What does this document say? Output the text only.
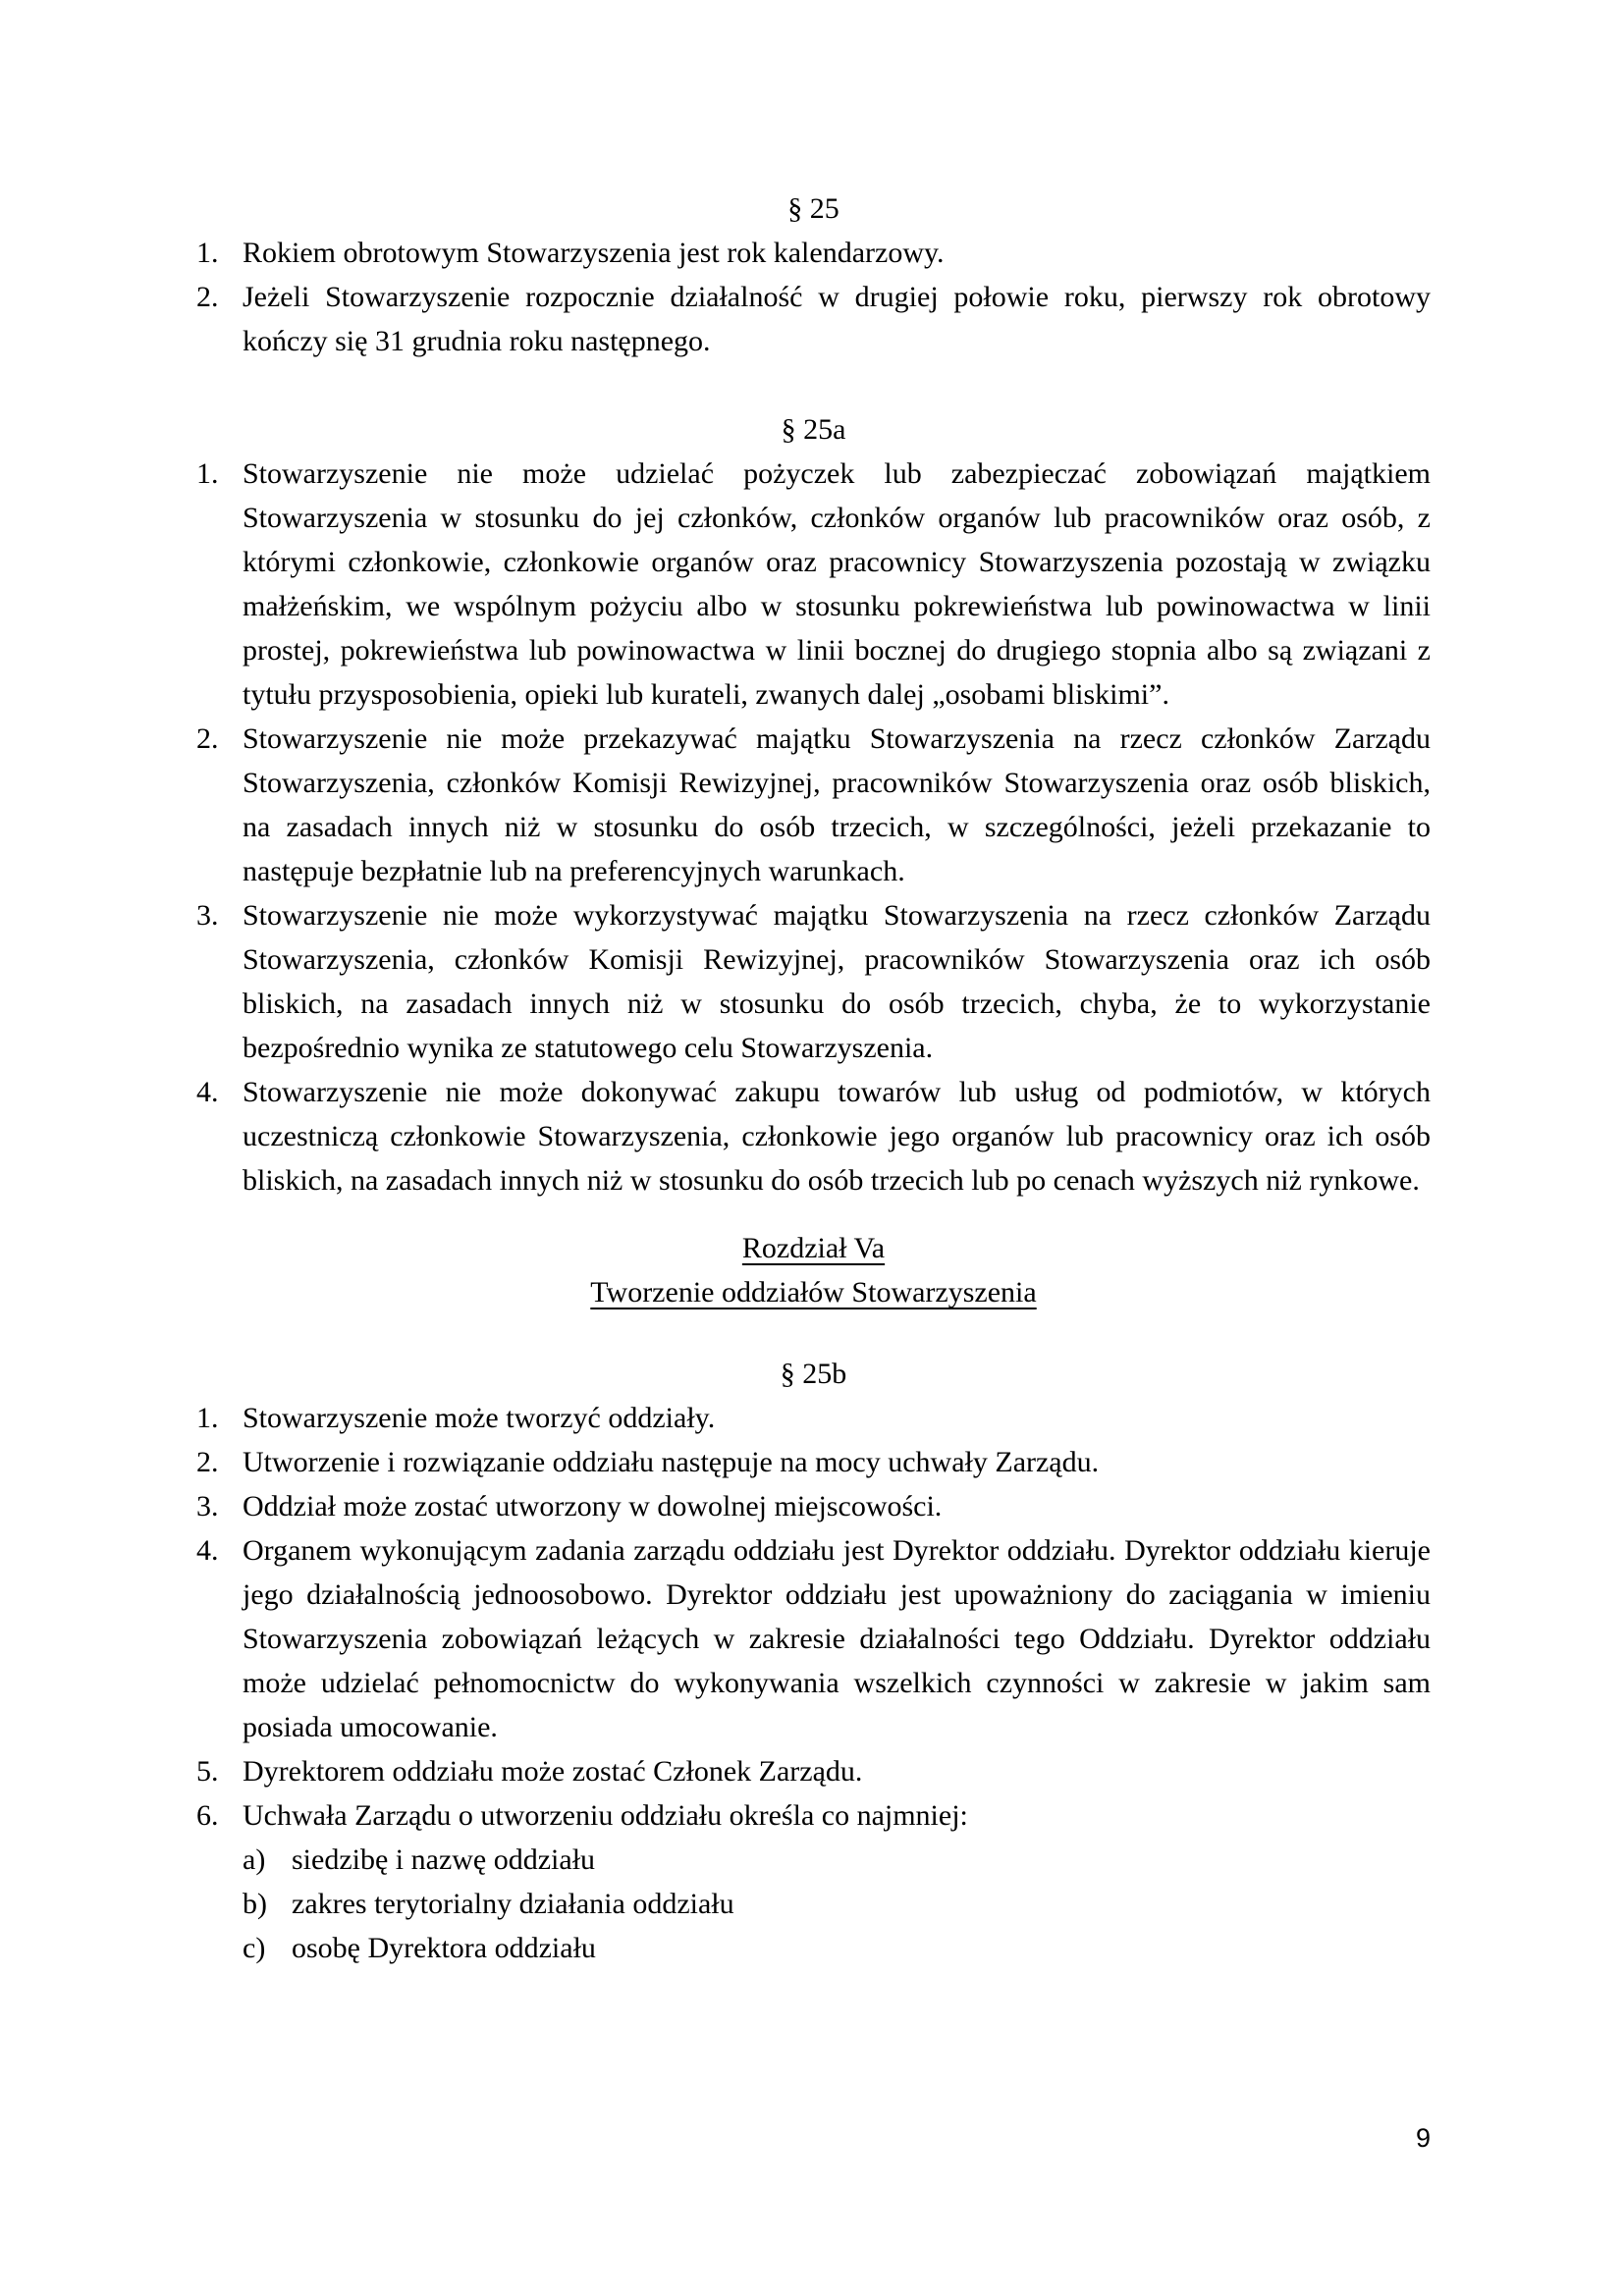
§ 25
1. Rokiem obrotowym Stowarzyszenia jest rok kalendarzowy.
2. Jeżeli Stowarzyszenie rozpocznie działalność w drugiej połowie roku, pierwszy rok obrotowy kończy się 31 grudnia roku następnego.
§ 25a
1. Stowarzyszenie nie może udzielać pożyczek lub zabezpieczać zobowiązań majątkiem Stowarzyszenia w stosunku do jej członków, członków organów lub pracowników oraz osób, z którymi członkowie, członkowie organów oraz pracownicy Stowarzyszenia pozostają w związku małżeńskim, we wspólnym pożyciu albo w stosunku pokrewieństwa lub powinowactwa w linii prostej, pokrewieństwa lub powinowactwa w linii bocznej do drugiego stopnia albo są związani z tytułu przysposobienia, opieki lub kurateli, zwanych dalej „osobami bliskimi”.
2. Stowarzyszenie nie może przekazywać majątku Stowarzyszenia na rzecz członków Zarządu Stowarzyszenia, członków Komisji Rewizyjnej, pracowników Stowarzyszenia oraz osób bliskich, na zasadach innych niż w stosunku do osób trzecich, w szczególności, jeżeli przekazanie to następuje bezpłatnie lub na preferencyjnych warunkach.
3. Stowarzyszenie nie może wykorzystywać majątku Stowarzyszenia na rzecz członków Zarządu Stowarzyszenia, członków Komisji Rewizyjnej, pracowników Stowarzyszenia oraz ich osób bliskich, na zasadach innych niż w stosunku do osób trzecich, chyba, że to wykorzystanie bezpośrednio wynika ze statutowego celu Stowarzyszenia.
4. Stowarzyszenie nie może dokonywać zakupu towarów lub usług od podmiotów, w których uczestniczą członkowie Stowarzyszenia, członkowie jego organów lub pracownicy oraz ich osób bliskich, na zasadach innych niż w stosunku do osób trzecich lub po cenach wyższych niż rynkowe.
Rozdział Va
Tworzenie oddziałów Stowarzyszenia
§ 25b
1. Stowarzyszenie może tworzyć oddziały.
2. Utworzenie i rozwiązanie oddziału następuje na mocy uchwały Zarządu.
3. Oddział może zostać utworzony w dowolnej miejscowości.
4. Organem wykonującym zadania zarządu oddziału jest Dyrektor oddziału. Dyrektor oddziału kieruje jego działalnością jednoosobowo. Dyrektor oddziału jest upoważniony do zaciągania w imieniu Stowarzyszenia zobowiązań leżących w zakresie działalności tego Oddziału. Dyrektor oddziału może udzielać pełnomocnictw do wykonywania wszelkich czynności w zakresie w jakim sam posiada umocowanie.
5. Dyrektorem oddziału może zostać Członek Zarządu.
6. Uchwała Zarządu o utworzeniu oddziału określa co najmniej:
a) siedzibę i nazwę oddziału
b) zakres terytorialny działania oddziału
c) osobę Dyrektora oddziału
9
